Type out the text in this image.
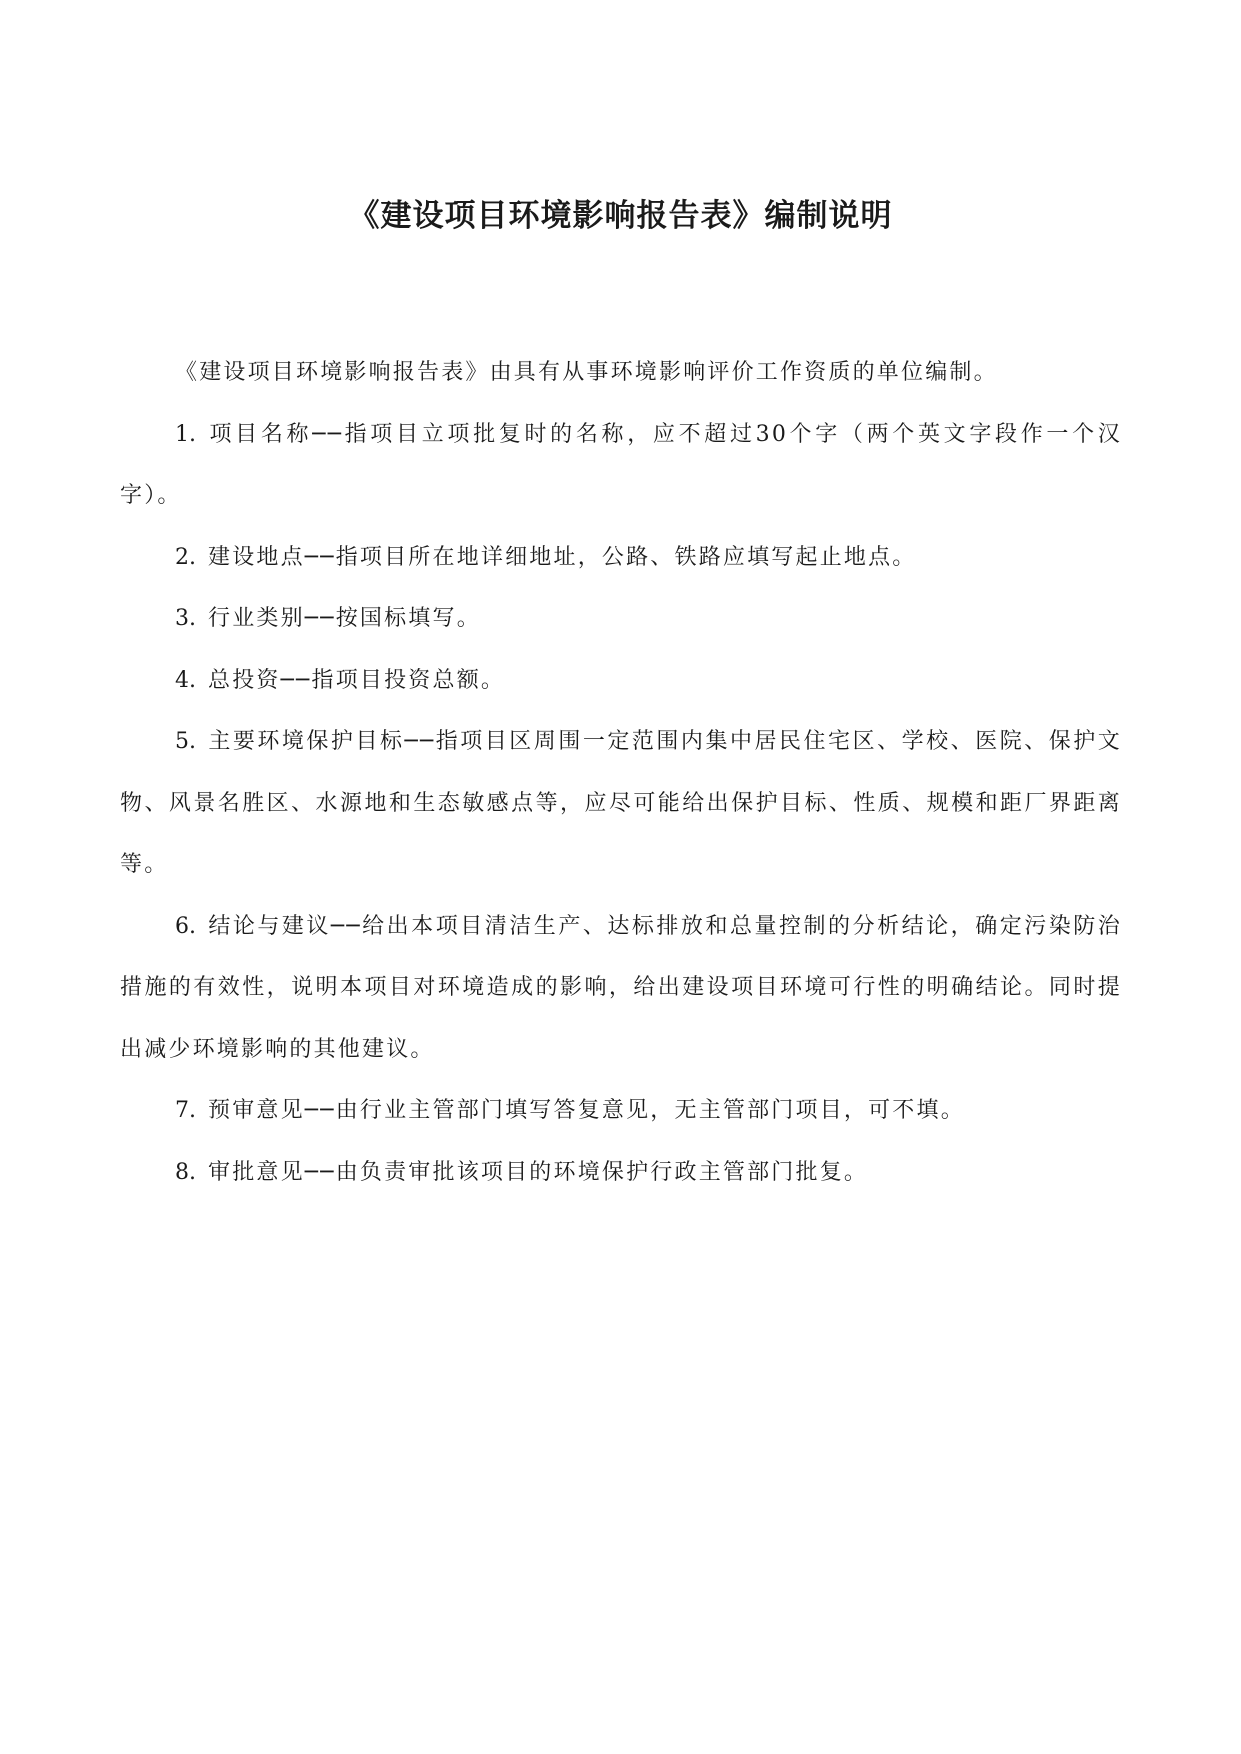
《建设项目环境影响报告表》编制说明

《建设项目环境影响报告表》由具有从事环境影响评价工作资质的单位编制。

1. 项目名称──指项目立项批复时的名称，应不超过30个字（两个英文字段作一个汉字）。

2. 建设地点──指项目所在地详细地址，公路、铁路应填写起止地点。

3. 行业类别──按国标填写。

4. 总投资──指项目投资总额。

5. 主要环境保护目标──指项目区周围一定范围内集中居民住宅区、学校、医院、保护文物、风景名胜区、水源地和生态敏感点等，应尽可能给出保护目标、性质、规模和距厂界距离等。

6. 结论与建议──给出本项目清洁生产、达标排放和总量控制的分析结论，确定污染防治措施的有效性，说明本项目对环境造成的影响，给出建设项目环境可行性的明确结论。同时提出减少环境影响的其他建议。

7. 预审意见──由行业主管部门填写答复意见，无主管部门项目，可不填。

8. 审批意见──由负责审批该项目的环境保护行政主管部门批复。
